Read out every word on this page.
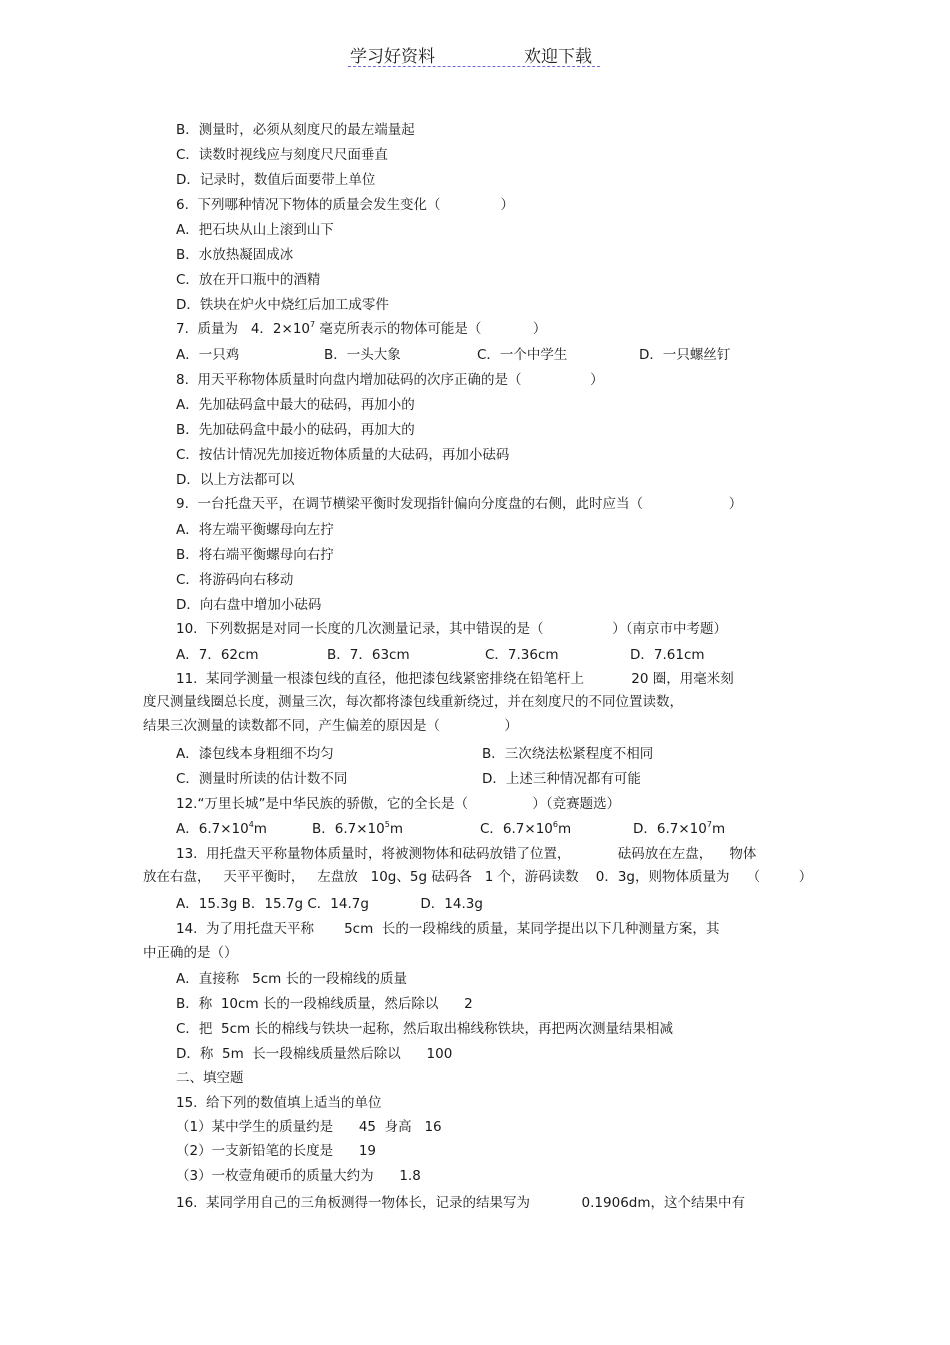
学习好资料	欢迎下载
B．测量时，必须从刻度尺的最左端量起
C．读数时视线应与刻度尺尺面垂直
D．记录时，数值后面要带上单位
6.  下列哪种情况下物体的质量会发生变化（              ）
A．把石块从山上滚到山下
B．水放热凝固成冰
C．放在开口瓶中的酒精
D．铁块在炉火中烧红后加工成零件
7.  质量为   4．$2\times 10^7$ 毫克所表示的物体可能是（            ）
A．一只鸡	B．一头大象	C．一个中学生	D．一只螺丝钉
8.  用天平称物体质量时向盘内增加砝码的次序正确的是（                ）
A．先加砝码盒中最大的砝码，再加小的
B．先加砝码盒中最小的砝码，再加大的
C．按估计情况先加接近物体质量的大砝码，再加小砝码
D．以上方法都可以
9.  一台托盘天平，在调节横梁平衡时发现指针偏向分度盘的右侧，此时应当（                    ）
A．将左端平衡螺母向左拧
B．将右端平衡螺母向右拧
C．将游码向右移动
D．向右盘中增加小砝码
10.  下列数据是对同一长度的几次测量记录，其中错误的是（                ）（南京市中考题）
A．7．62cm	B．7．63cm	C．7.36cm	D．7.61cm
11.  某同学测量一根漆包线的直径，他把漆包线紧密排绕在铅笔杆上           20 圈，用毫米刻
度尺测量线圈总长度，测量三次，每次都将漆包线重新绕过，并在刻度尺的不同位置读数，
结果三次测量的读数都不同，产生偏差的原因是（               ）
A．漆包线本身粗细不均匀	B．三次绕法松紧程度不相同
C．测量时所读的估计数不同	D．上述三种情况都有可能
12.“万里长城”是中华民族的骄傲，它的全长是（               ）（竞赛题选）
A．$6.7\times 10^4m$	B．$6.7\times 10^5m$	C．$6.7\times 10^6m$	D．$6.7\times 10^7m$
13.  用托盘天平称量物体质量时，将被测物体和砝码放错了位置，           砝码放在左盘，    物体
放在右盘，   天平平衡时，   左盘放   10g、5g 砝码各   1 个，游码读数    0．3g，则物体质量为    （         ）
A．15.3g B．15.7g C．14.7g            D．14.3g
14.  为了用托盘天平称       5cm  长的一段棉线的质量，某同学提出以下几种测量方案，其
中正确的是（）
A．直接称   5cm 长的一段棉线的质量
B．称  10cm 长的一段棉线质量，然后除以      2
C．把  5cm 长的棉线与铁块一起称，然后取出棉线称铁块，再把两次测量结果相减
D．称  5m  长一段棉线质量然后除以      100
二、填空题
15.  给下列的数值填上适当的单位
（1）某中学生的质量约是      45  身高   16
（2）一支新铅笔的长度是      19
（3）一枚壹角硬币的质量大约为      1.8
16.  某同学用自己的三角板测得一物体长，记录的结果写为            0.1906dm，这个结果中有
